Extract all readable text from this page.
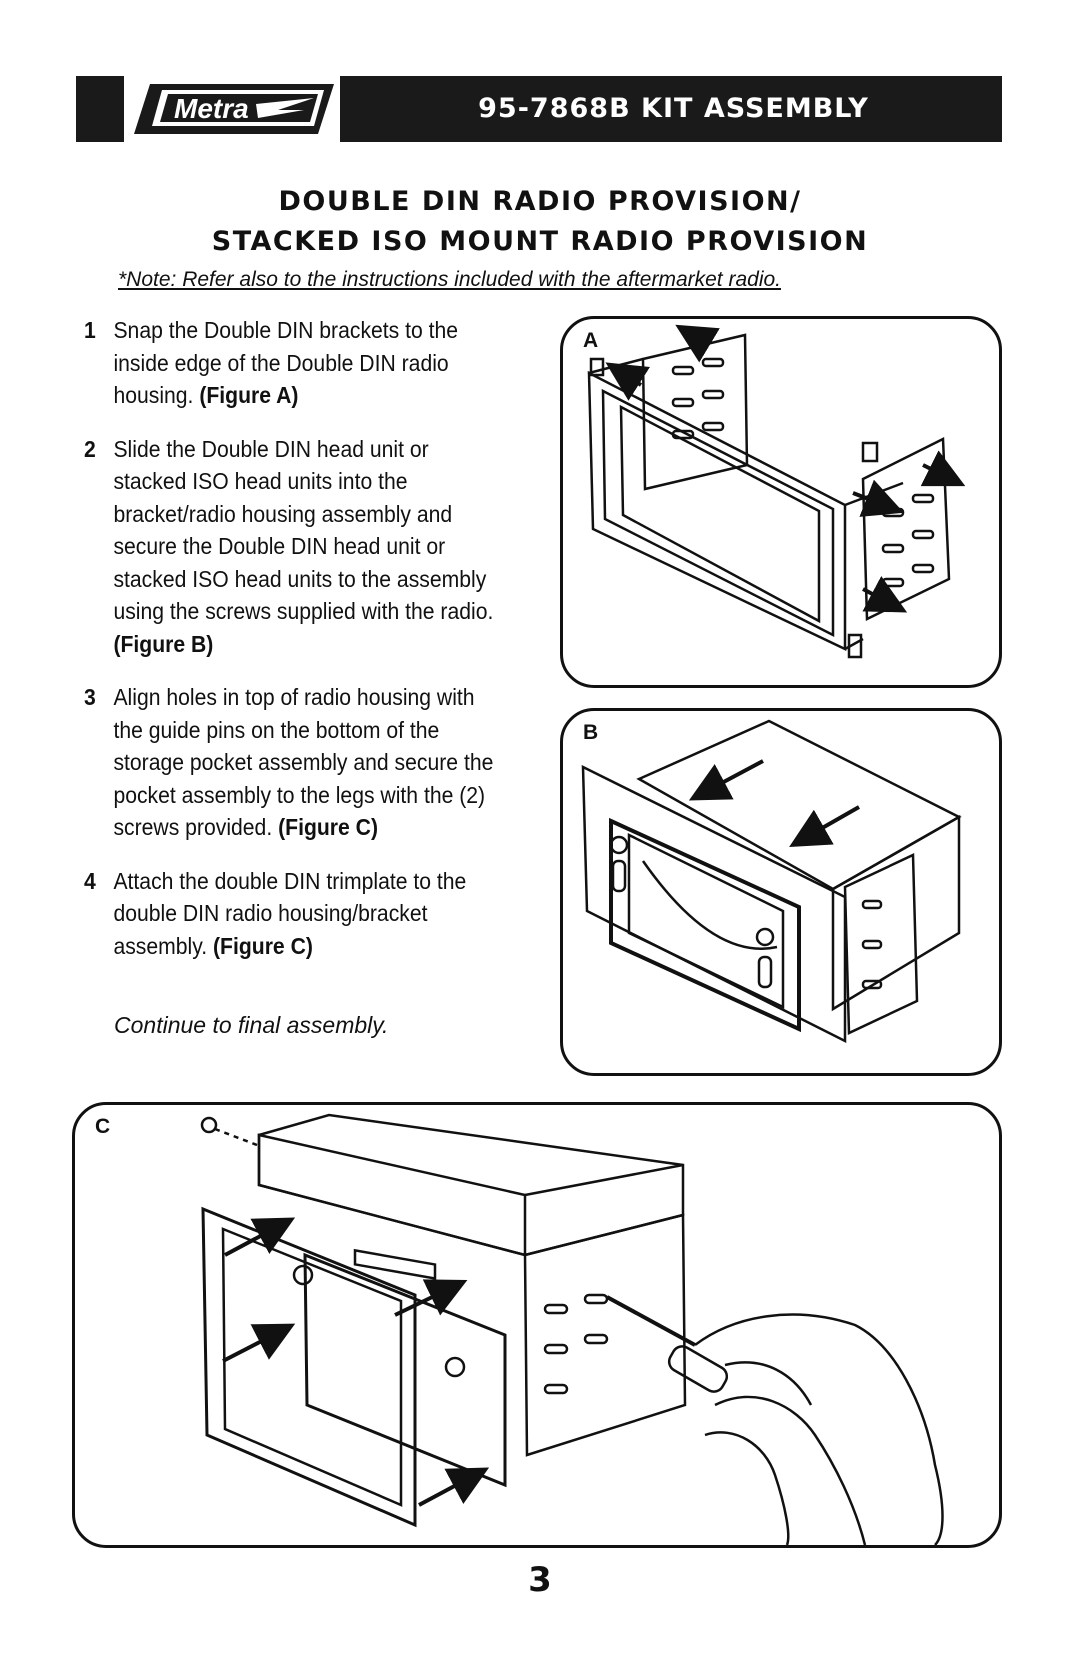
Metra	95-7868B KIT ASSEMBLY
DOUBLE DIN RADIO PROVISION/
STACKED ISO MOUNT RADIO PROVISION
*Note: Refer also to the instructions included with the aftermarket radio.
1 Snap the Double DIN brackets to the inside edge of the Double DIN radio housing. (Figure A)
2 Slide the Double DIN head unit or stacked ISO head units into the bracket/radio housing assembly and secure the Double DIN head unit or stacked ISO head units to the assembly using the screws supplied with the radio. (Figure B)
3 Align holes in top of radio housing with the guide pins on the bottom of the storage pocket assembly and secure the pocket assembly to the legs with the (2) screws provided. (Figure C)
4 Attach the double DIN trimplate to the double DIN radio housing/bracket assembly. (Figure C)
Continue to final assembly.
A
B
C
3
